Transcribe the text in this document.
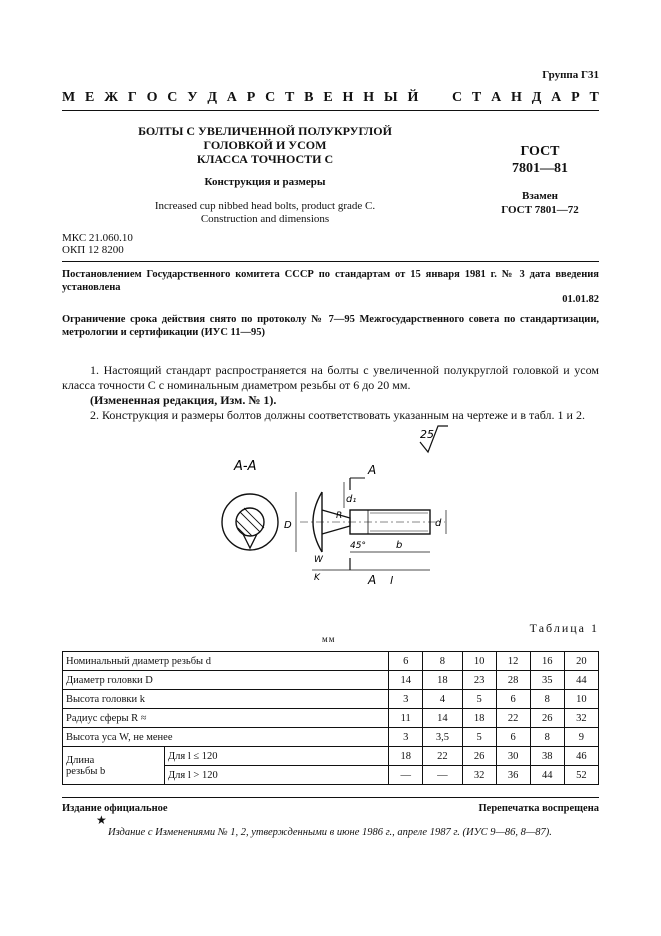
Группа Г31
М Е Ж Г О С У Д А Р С Т В Е Н Н Ы Й С Т А Н Д А Р Т
БОЛТЫ С УВЕЛИЧЕННОЙ ПОЛУКРУГЛОЙ
ГОЛОВКОЙ И УСОМ
КЛАССА ТОЧНОСТИ С
Конструкция и размеры
Increased cup nibbed head bolts, product grade C.
Construction and dimensions
ГОСТ
7801—81
Взамен
ГОСТ 7801—72
МКС 21.060.10
ОКП 12 8200
Постановлением Государственного комитета СССР по стандартам от 15 января 1981 г. № 3 дата введения установлена
01.01.82
Ограничение срока действия снято по протоколу № 7—95 Межгосударственного совета по стандартизации, метрологии и сертификации (ИУС 11—95)
1. Настоящий стандарт распространяется на болты с увеличенной полукруглой головкой и усом класса точности С с номинальным диаметром резьбы от 6 до 20 мм.
(Измененная редакция, Изм. № 1).
2. Конструкция и размеры болтов должны соответствовать указанным на чертеже и в табл. 1 и 2.
25
А-А	А
А
D	d
d₁
R
45°	b
l
K
W
Таблица 1
мм
Номинальный диаметр резьбы d		6	8	10	12	16	20
Диаметр головки D		14	18	23	28	35	44
Высота головки k		3	4	5	6	8	10
Радиус сферы R ≈		11	14	18	22	26	32
Высота уса W, не менее		3	3,5	5	6	8	9

Длина
резьбы b	Для l ≤ 120	18	22	26	30	38	46
	Для l > 120	—	—	32	36	44	52
Издание официальное	Перепечатка воспрещена
★
Издание с Изменениями № 1, 2, утвержденными в июне 1986 г., апреле 1987 г. (ИУС 9—86, 8—87).
